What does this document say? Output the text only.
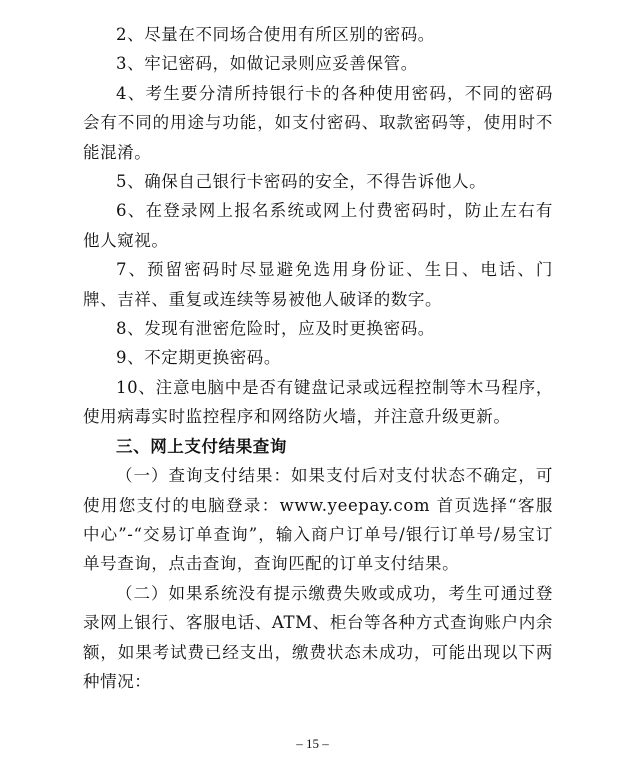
2、尽量在不同场合使用有所区别的密码。

3、牢记密码，如做记录则应妥善保管。

4、考生要分清所持银行卡的各种使用密码，不同的密码会有不同的用途与功能，如支付密码、取款密码等，使用时不能混淆。

5、确保自己银行卡密码的安全，不得告诉他人。

6、在登录网上报名系统或网上付费密码时，防止左右有他人窥视。

7、预留密码时尽显避免选用身份证、生日、电话、门牌、吉祥、重复或连续等易被他人破译的数字。

8、发现有泄密危险时，应及时更换密码。

9、不定期更换密码。

10、注意电脑中是否有键盘记录或远程控制等木马程序，使用病毒实时监控程序和网络防火墙，并注意升级更新。

三、网上支付结果查询

（一）查询支付结果：如果支付后对支付状态不确定，可使用您支付的电脑登录：www.yeepay.com 首页选择“客服中心”-“交易订单查询”，输入商户订单号/银行订单号/易宝订单号查询，点击查询，查询匹配的订单支付结果。

（二）如果系统没有提示缴费失败或成功，考生可通过登录网上银行、客服电话、ATM、柜台等各种方式查询账户内余额，如果考试费已经支出，缴费状态未成功，可能出现以下两种情况：

– 15 –
